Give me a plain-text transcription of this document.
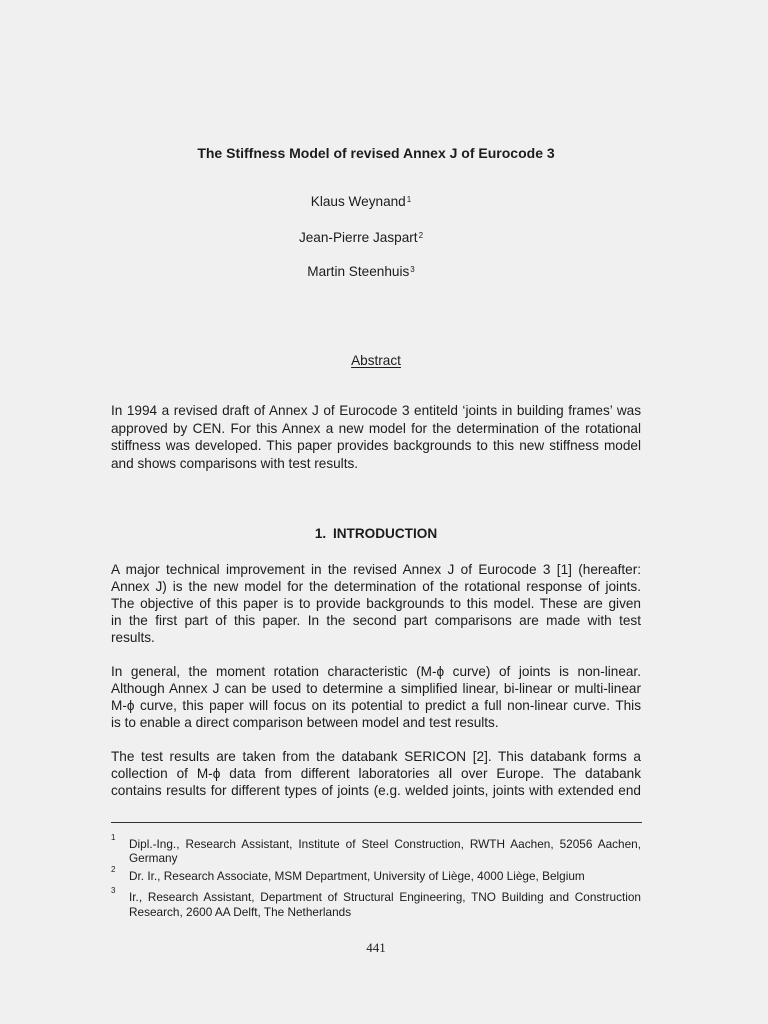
The Stiffness Model of revised Annex J of Eurocode 3
Klaus Weynand$^1$
Jean-Pierre Jaspart$^2$
Martin Steenhuis$^3$
Abstract
In 1994 a revised draft of Annex J of Eurocode 3 entiteld ‘joints in building frames’ was
approved by CEN. For this Annex a new model for the determination of the rotational
stiffness was developed. This paper provides backgrounds to this new stiffness model
and shows comparisons with test results.
1. INTRODUCTION
A major technical improvement in the revised Annex J of Eurocode 3 [1] (hereafter:
Annex J) is the new model for the determination of the rotational response of joints.
The objective of this paper is to provide backgrounds to this model. These are given
in the first part of this paper. In the second part comparisons are made with test
results.
In general, the moment rotation characteristic (M-ϕ curve) of joints is non-linear.
Although Annex J can be used to determine a simplified linear, bi-linear or multi-linear
M-ϕ curve, this paper will focus on its potential to predict a full non-linear curve. This
is to enable a direct comparison between model and test results.
The test results are taken from the databank SERICON [2]. This databank forms a
collection of M-ϕ data from different laboratories all over Europe. The databank
contains results for different types of joints (e.g. welded joints, joints with extended end
1 Dipl.-Ing., Research Assistant, Institute of Steel Construction, RWTH Aachen, 52056 Aachen,
Germany
2 Dr. Ir., Research Associate, MSM Department, University of Liège, 4000 Liège, Belgium
3 Ir., Research Assistant, Department of Structural Engineering, TNO Building and Construction
Research, 2600 AA Delft, The Netherlands
441
